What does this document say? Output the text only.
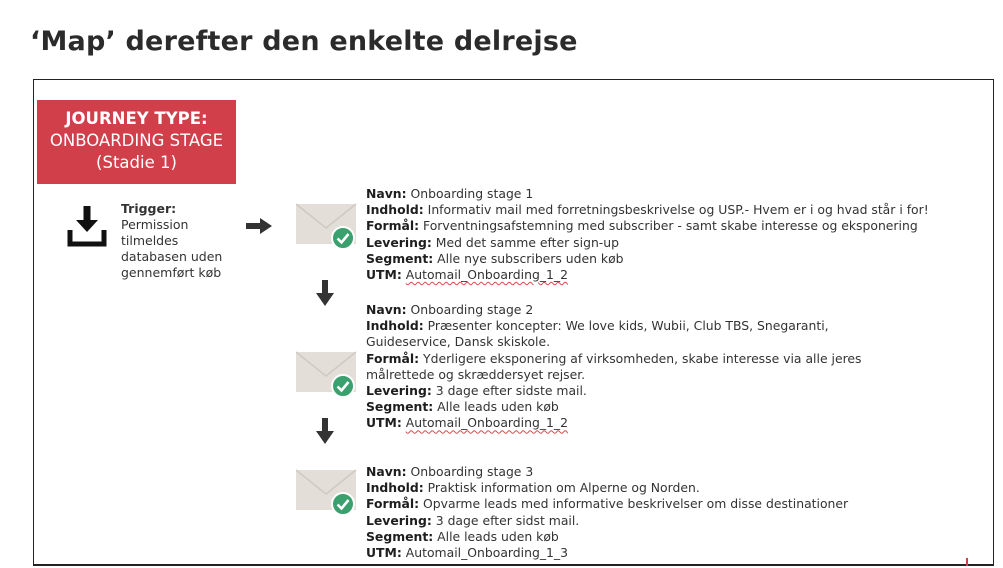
‘Map’ derefter den enkelte delrejse
JOURNEY TYPE:
ONBOARDING STAGE
(Stadie 1)
Trigger:
Permission
tilmeldes
databasen uden
gennemført køb
Navn: Onboarding stage 1
Indhold: Informativ mail med forretningsbeskrivelse og USP.- Hvem er i og hvad står i for!
Formål: Forventningsafstemning med subscriber - samt skabe interesse og eksponering
Levering: Med det samme efter sign-up
Segment: Alle nye subscribers uden køb
UTM: Automail_Onboarding_1_2
Navn: Onboarding stage 2
Indhold: Præsenter koncepter: We love kids, Wubii, Club TBS, Snegaranti,
Guideservice, Dansk skiskole.
Formål: Yderligere eksponering af virksomheden, skabe interesse via alle jeres
målrettede og skræddersyet rejser.
Levering: 3 dage efter sidste mail.
Segment: Alle leads uden køb
UTM: Automail_Onboarding_1_2
Navn: Onboarding stage 3
Indhold: Praktisk information om Alperne og Norden.
Formål: Opvarme leads med informative beskrivelser om disse destinationer
Levering: 3 dage efter sidst mail.
Segment: Alle leads uden køb
UTM: Automail_Onboarding_1_3
